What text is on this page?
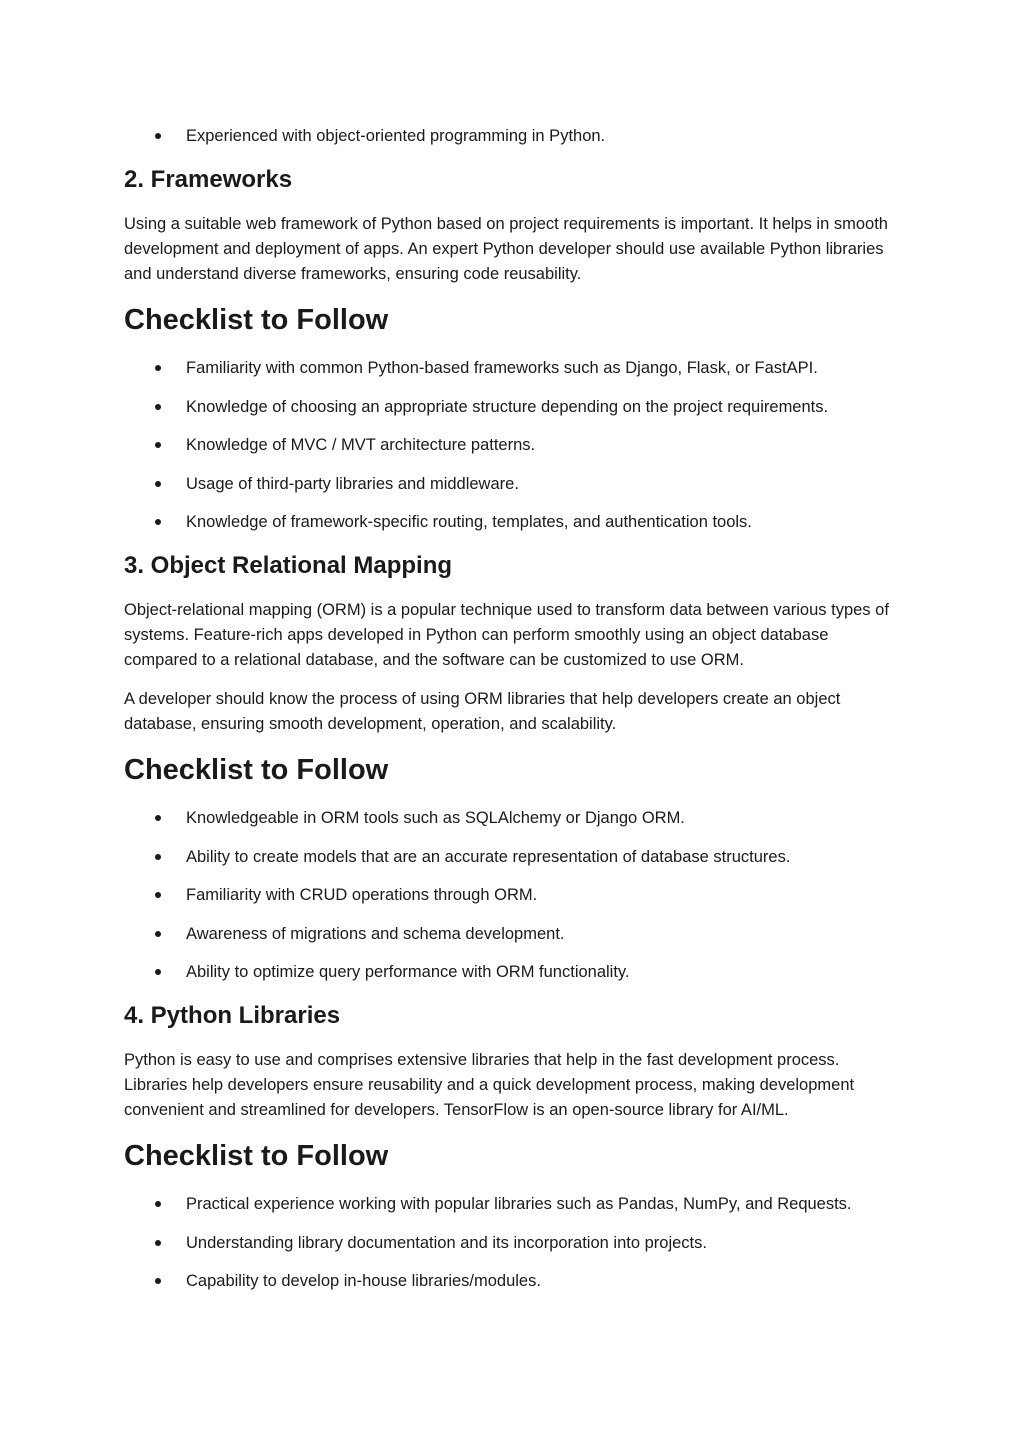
Experienced with object-oriented programming in Python.
2. Frameworks

Using a suitable web framework of Python based on project requirements is important. It helps in smooth development and deployment of apps. An expert Python developer should use available Python libraries and understand diverse frameworks, ensuring code reusability.

Checklist to Follow
Familiarity with common Python-based frameworks such as Django, Flask, or FastAPI.
Knowledge of choosing an appropriate structure depending on the project requirements.
Knowledge of MVC / MVT architecture patterns.
Usage of third-party libraries and middleware.
Knowledge of framework-specific routing, templates, and authentication tools.
3. Object Relational Mapping

Object-relational mapping (ORM) is a popular technique used to transform data between various types of systems. Feature-rich apps developed in Python can perform smoothly using an object database compared to a relational database, and the software can be customized to use ORM.

A developer should know the process of using ORM libraries that help developers create an object database, ensuring smooth development, operation, and scalability.

Checklist to Follow
Knowledgeable in ORM tools such as SQLAlchemy or Django ORM.
Ability to create models that are an accurate representation of database structures.
Familiarity with CRUD operations through ORM.
Awareness of migrations and schema development.
Ability to optimize query performance with ORM functionality.
4. Python Libraries

Python is easy to use and comprises extensive libraries that help in the fast development process. Libraries help developers ensure reusability and a quick development process, making development convenient and streamlined for developers. TensorFlow is an open-source library for AI/ML.

Checklist to Follow
Practical experience working with popular libraries such as Pandas, NumPy, and Requests.
Understanding library documentation and its incorporation into projects.
Capability to develop in-house libraries/modules.
